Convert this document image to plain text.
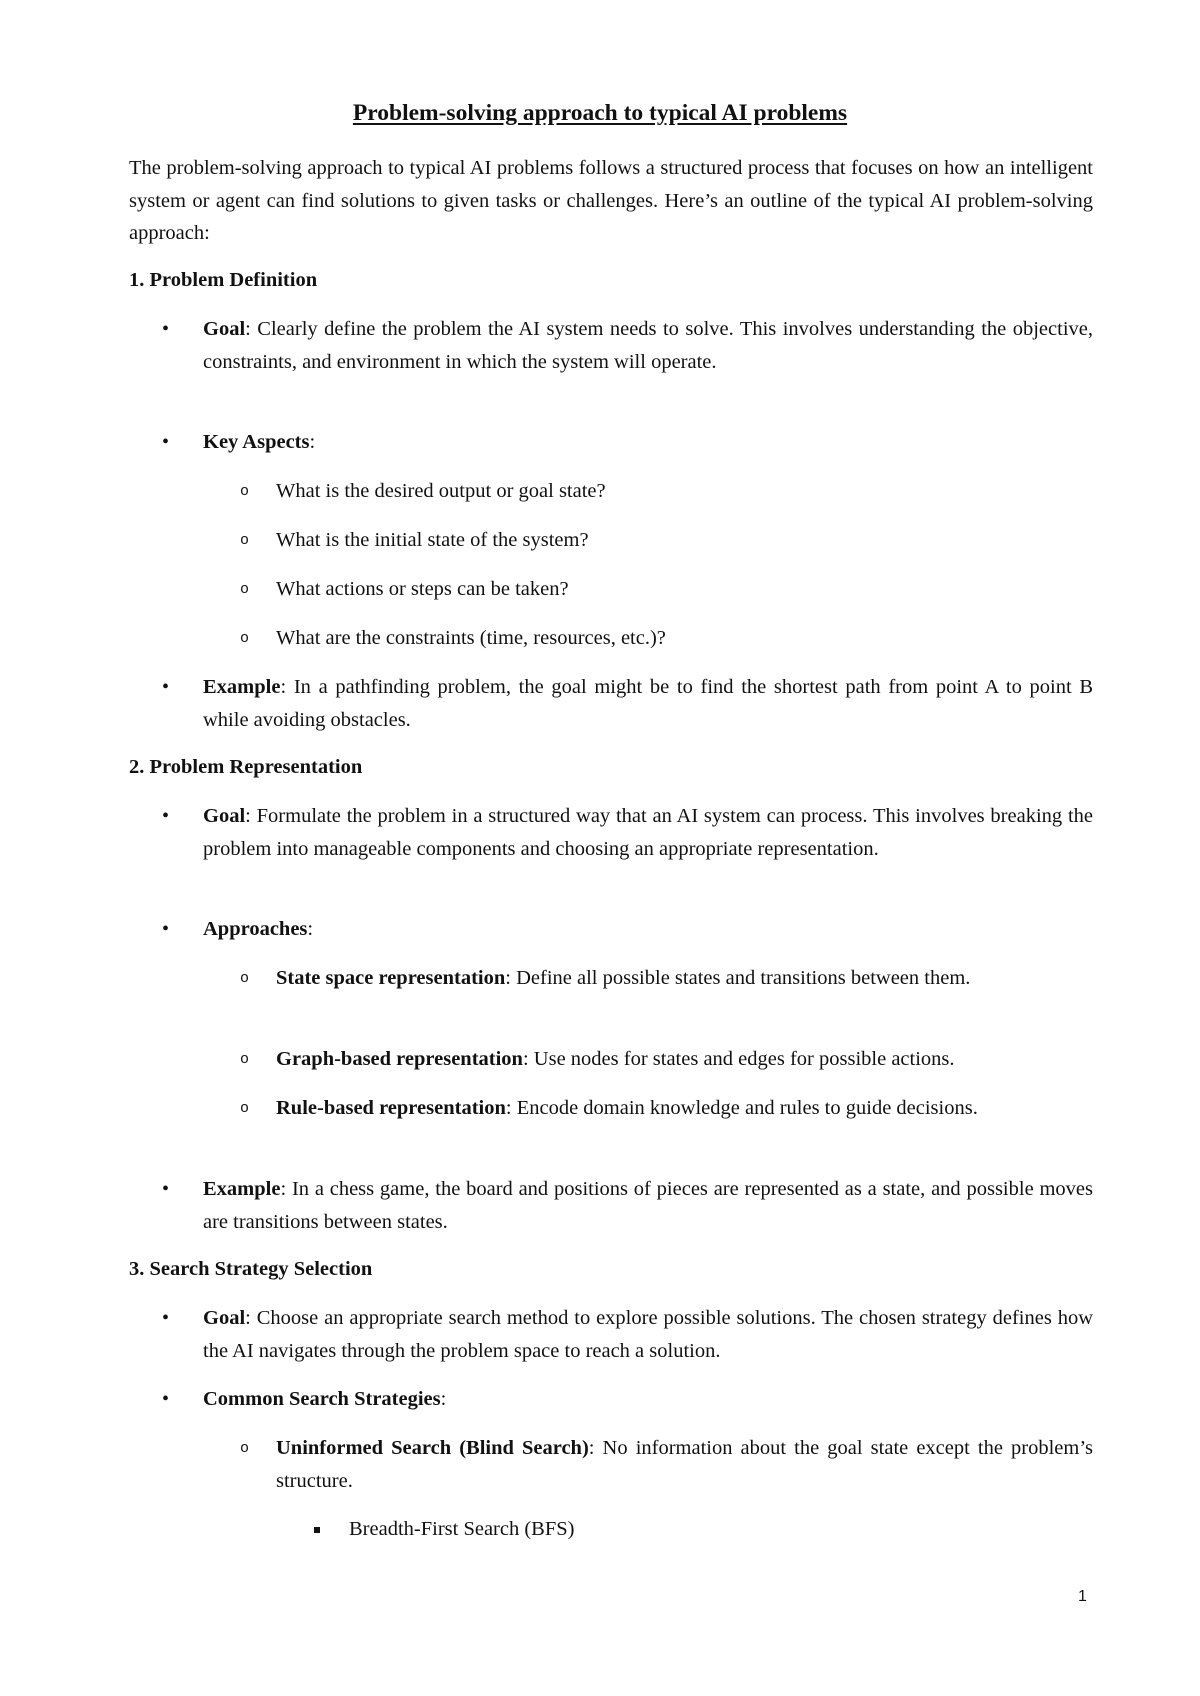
Problem-solving approach to typical AI problems

The problem-solving approach to typical AI problems follows a structured process that focuses on how an intelligent system or agent can find solutions to given tasks or challenges. Here’s an outline of the typical AI problem-solving approach:

1. Problem Definition

• Goal: Clearly define the problem the AI system needs to solve. This involves understanding the objective, constraints, and environment in which the system will operate.

• Key Aspects:

o What is the desired output or goal state?

o What is the initial state of the system?

o What actions or steps can be taken?

o What are the constraints (time, resources, etc.)?

• Example: In a pathfinding problem, the goal might be to find the shortest path from point A to point B while avoiding obstacles.

2. Problem Representation

• Goal: Formulate the problem in a structured way that an AI system can process. This involves breaking the problem into manageable components and choosing an appropriate representation.

• Approaches:

o State space representation: Define all possible states and transitions between them.

o Graph-based representation: Use nodes for states and edges for possible actions.

o Rule-based representation: Encode domain knowledge and rules to guide decisions.

• Example: In a chess game, the board and positions of pieces are represented as a state, and possible moves are transitions between states.

3. Search Strategy Selection

• Goal: Choose an appropriate search method to explore possible solutions. The chosen strategy defines how the AI navigates through the problem space to reach a solution.

• Common Search Strategies:

o Uninformed Search (Blind Search): No information about the goal state except the problem’s structure.

Breadth-First Search (BFS)

1
